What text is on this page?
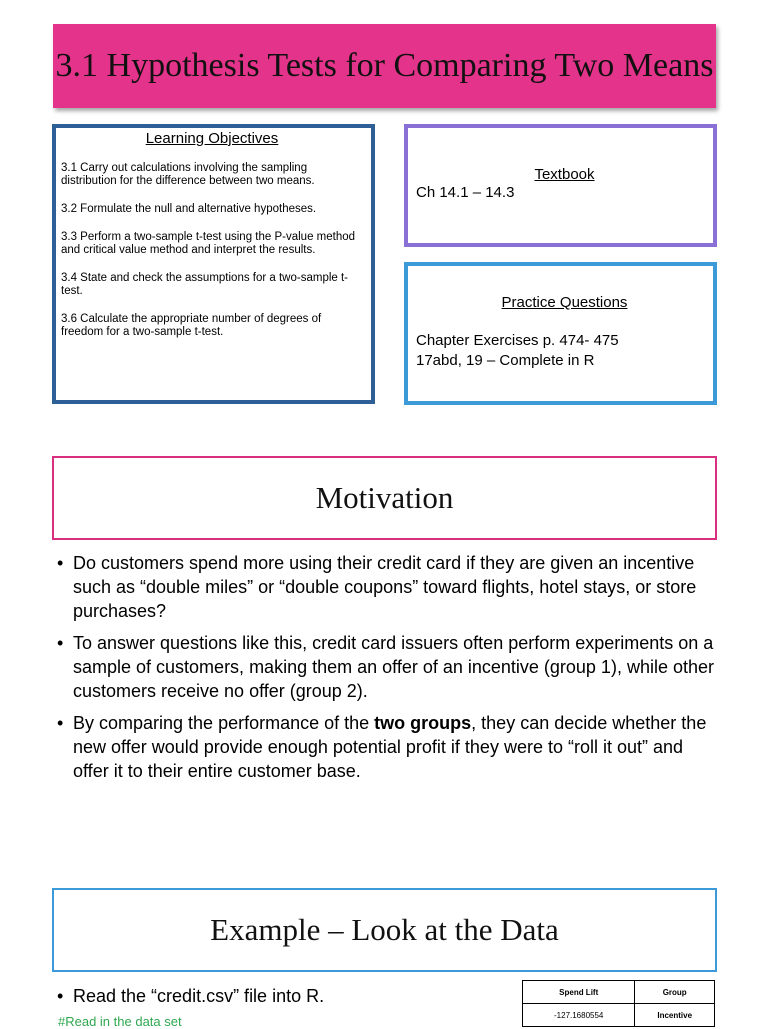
3.1 Hypothesis Tests for Comparing Two Means
Learning Objectives
3.1 Carry out calculations involving the sampling distribution for the difference between two means.
3.2 Formulate the null and alternative hypotheses.
3.3 Perform a two-sample t-test using the P-value method and critical value method and interpret the results.
3.4 State and check the assumptions for a two-sample t- test.
3.6 Calculate the appropriate number of degrees of freedom for a two-sample t-test.
Textbook
Ch 14.1 – 14.3
Practice Questions
Chapter Exercises p. 474- 475
17abd, 19 – Complete in R
Motivation
• Do customers spend more using their credit card if they are given an incentive such as “double miles” or “double coupons” toward flights, hotel stays, or store purchases?
• To answer questions like this, credit card issuers often perform experiments on a sample of customers, making them an offer of an incentive (group 1), while other customers receive no offer (group 2).
• By comparing the performance of the two groups, they can decide whether the new offer would provide enough potential profit if they were to “roll it out” and offer it to their entire customer base.
Example – Look at the Data
• Read the “credit.csv” file into R.
#Read in the data set
Spend Lift	Group
-127.1680554	Incentive
